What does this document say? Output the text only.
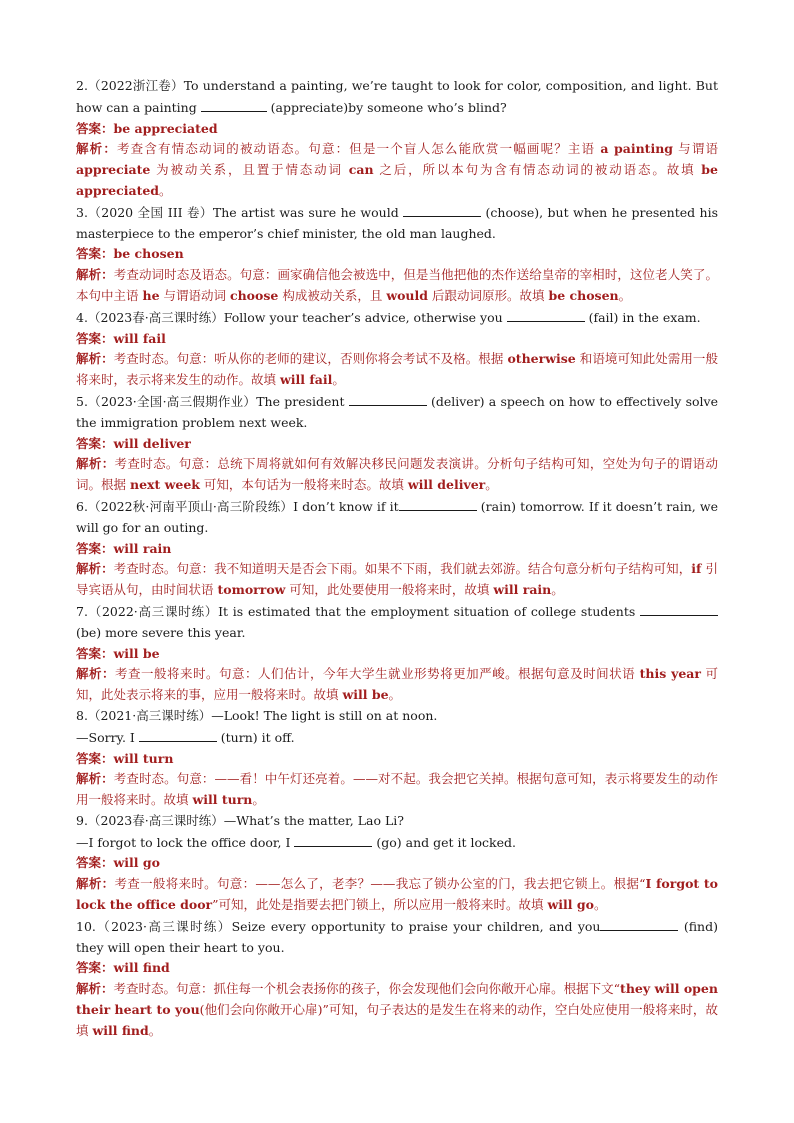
2.（2022浙江卷）To understand a painting, we’re taught to look for color, composition, and light. But how can a painting	(appreciate)by someone who’s blind?

答案：be appreciated

解析：考查含有情态动词的被动语态。句意：但是一个盲人怎么能欣赏一幅画呢？主语 a painting 与谓语 appreciate 为被动关系，且置于情态动词 can 之后，所以本句为含有情态动词的被动语态。故填 be appreciated。

3.（2020 全国 III 卷）The artist was sure he would	(choose), but when he presented his masterpiece to the emperor’s chief minister, the old man laughed.

答案：be chosen

解析：考查动词时态及语态。句意：画家确信他会被选中，但是当他把他的杰作送给皇帝的宰相时，这位老人笑了。本句中主语 he 与谓语动词 choose 构成被动关系，且 would 后跟动词原形。故填 be chosen。

4.（2023春·高三课时练）Follow your teacher’s advice, otherwise you	(fail) in the exam.

答案：will fail

解析：考查时态。句意：听从你的老师的建议，否则你将会考试不及格。根据 otherwise 和语境可知此处需用一般将来时，表示将来发生的动作。故填 will fail。

5.（2023·全国·高三假期作业）The president	(deliver) a speech on how to effectively solve the immigration problem next week.

答案：will deliver

解析：考查时态。句意：总统下周将就如何有效解决移民问题发表演讲。分析句子结构可知，空处为句子的谓语动词。根据 next week 可知，本句话为一般将来时态。故填 will deliver。

6.（2022秋·河南平顶山·高三阶段练）I don’t know if it	(rain) tomorrow. If it doesn’t rain, we will go for an outing.

答案：will rain

解析：考查时态。句意：我不知道明天是否会下雨。如果不下雨，我们就去郊游。结合句意分析句子结构可知，if 引导宾语从句，由时间状语 tomorrow 可知，此处要使用一般将来时，故填 will rain。

7.（2022·高三课时练）It is estimated that the employment situation of college students  (be) more severe this year.

答案：will be

解析：考查一般将来时。句意：人们估计，今年大学生就业形势将更加严峻。根据句意及时间状语 this year 可知，此处表示将来的事，应用一般将来时。故填 will be。

8.（2021·高三课时练）—Look! The light is still on at noon.
—Sorry. I	(turn) it off.

答案：will turn

解析：考查时态。句意：——看！中午灯还亮着。——对不起。我会把它关掉。根据句意可知，表示将要发生的动作用一般将来时。故填 will turn。

9.（2023春·高三课时练）—What’s the matter, Lao Li?
—I forgot to lock the office door, I	(go) and get it locked.

答案：will go

解析：考查一般将来时。句意：——怎么了，老李？——我忘了锁办公室的门，我去把它锁上。根据“I forgot to lock the office door”可知，此处是指要去把门锁上，所以应用一般将来时。故填 will go。

10.（2023·高三课时练）Seize every opportunity to praise your children, and you	(find) they will open their heart to you.

答案：will find

解析：考查时态。句意：抓住每一个机会表扬你的孩子，你会发现他们会向你敞开心扉。根据下文“they will open their heart to you(他们会向你敞开心扉)”可知，句子表达的是发生在将来的动作，空白处应使用一般将来时，故填 will find。
